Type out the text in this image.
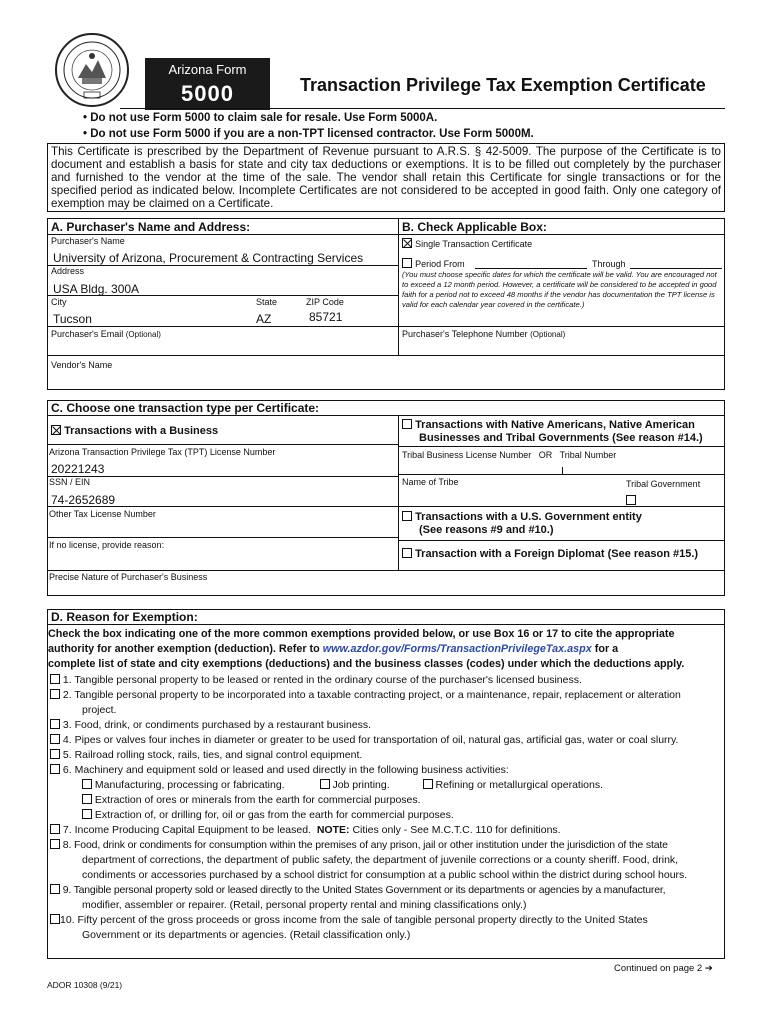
Arizona Form
5000	Transaction Privilege Tax Exemption Certificate
• Do not use Form 5000 to claim sale for resale. Use Form 5000A.
• Do not use Form 5000 if you are a non-TPT licensed contractor. Use Form 5000M.
This Certificate is prescribed by the Department of Revenue pursuant to A.R.S. § 42-5009. The purpose of the Certificate is to document and establish a basis for state and city tax deductions or exemptions. It is to be filled out completely by the purchaser and furnished to the vendor at the time of the sale. The vendor shall retain this Certificate for single transactions or for the specified period as indicated below. Incomplete Certificates are not considered to be accepted in good faith. Only one category of exemption may be claimed on a Certificate.
A. Purchaser's Name and Address:	B. Check Applicable Box:
Purchaser's Name
University of Arizona, Procurement & Contracting Services
Address
USA Bldg. 300A
City	State	ZIP Code
Tucson	AZ	85721
Purchaser's Email (Optional)
Single Transaction Certificate
Period From	Through
(You must choose specific dates for which the certificate will be valid. You are encouraged not to exceed a 12 month period. However, a certificate will be considered to be accepted in good faith for a period not to exceed 48 months if the vendor has documentation the TPT license is valid for each calendar year covered in the certificate.)
Purchaser's Telephone Number (Optional)
Vendor's Name
C. Choose one transaction type per Certificate:
Transactions with a Business
Arizona Transaction Privilege Tax (TPT) License Number
20221243
SSN / EIN
74-2652689
Other Tax License Number
If no license, provide reason:
Precise Nature of Purchaser's Business
Transactions with Native Americans, Native American
Businesses and Tribal Governments (See reason #14.)
Tribal Business License Number OR Tribal Number
Name of Tribe	Tribal Government
Transactions with a U.S. Government entity
(See reasons #9 and #10.)
Transaction with a Foreign Diplomat (See reason #15.)
D. Reason for Exemption:
Check the box indicating one of the more common exemptions provided below, or use Box 16 or 17 to cite the appropriate
authority for another exemption (deduction). Refer to www.azdor.gov/Forms/TransactionPrivilegeTax.aspx for a
complete list of state and city exemptions (deductions) and the business classes (codes) under which the deductions apply.
1. Tangible personal property to be leased or rented in the ordinary course of the purchaser's licensed business.
2. Tangible personal property to be incorporated into a taxable contracting project, or a maintenance, repair, replacement or alteration
project.
3. Food, drink, or condiments purchased by a restaurant business.
4. Pipes or valves four inches in diameter or greater to be used for transportation of oil, natural gas, artificial gas, water or coal slurry.
5. Railroad rolling stock, rails, ties, and signal control equipment.
6. Machinery and equipment sold or leased and used directly in the following business activities:
Manufacturing, processing or fabricating.	Job printing.	Refining or metallurgical operations.
Extraction of ores or minerals from the earth for commercial purposes.
Extraction of, or drilling for, oil or gas from the earth for commercial purposes.
7. Income Producing Capital Equipment to be leased. NOTE: Cities only - See M.C.T.C. 110 for definitions.
8. Food, drink or condiments for consumption within the premises of any prison, jail or other institution under the jurisdiction of the state
department of corrections, the department of public safety, the department of juvenile corrections or a county sheriff. Food, drink,
condiments or accessories purchased by a school district for consumption at a public school within the district during school hours.
9. Tangible personal property sold or leased directly to the United States Government or its departments or agencies by a manufacturer,
modifier, assembler or repairer. (Retail, personal property rental and mining classifications only.)
10. Fifty percent of the gross proceeds or gross income from the sale of tangible personal property directly to the United States
Government or its departments or agencies. (Retail classification only.)
Continued on page 2 ➔
ADOR 10308 (9/21)
